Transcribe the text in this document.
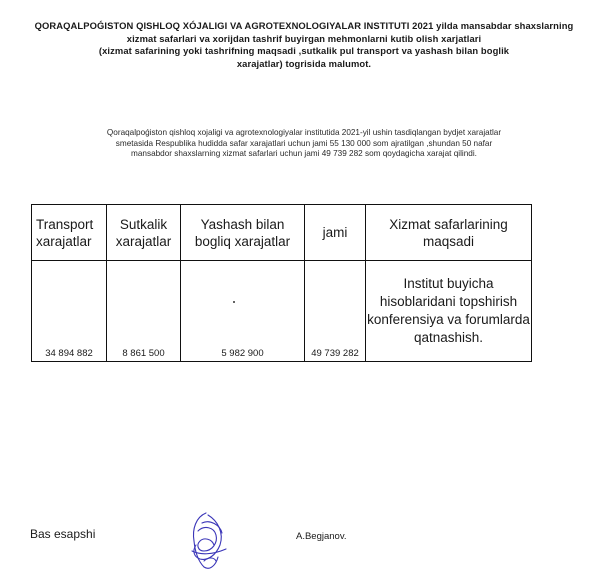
QORAQALPOǴISTON QISHLOQ XÓJALIGI VA AGROTEXNOLOGIYALAR INSTITUTI 2021 yilda mansabdar shaxslarning
xizmat safarlari va xorijdan tashrif buyirgan mehmonlarni kutib olish xarjatlari
(xizmat safarining yoki tashrifning maqsadi ,sutkalik pul transport va yashash bilan boglik
xarajatlar) togrisida malumot.
Qoraqalpoǵiston qishloq xojaligi va agrotexnologiyalar institutida 2021-yil ushin tasdiqlangan bydjet xarajatlar
smetasida Respublika hudidda safar xarajatlari uchun jami 55 130 000 som ajratilgan ,shundan 50 nafar
mansabdor shaxslarning xizmat safarlari uchun jami 49 739 282 som qoydagicha xarajat qilindi.
Transport xarajatlar	Sutkalik xarajatlar	Yashash bilan bogliq xarajatlar	jami	Xizmat safarlarining maqsadi
34 894 882	8 861 500	5 982 900	49 739 282	Institut buyicha hisoblaridani topshirish konferensiya va forumlarda qatnashish.
Bas esapshi	A.Begjanov.
